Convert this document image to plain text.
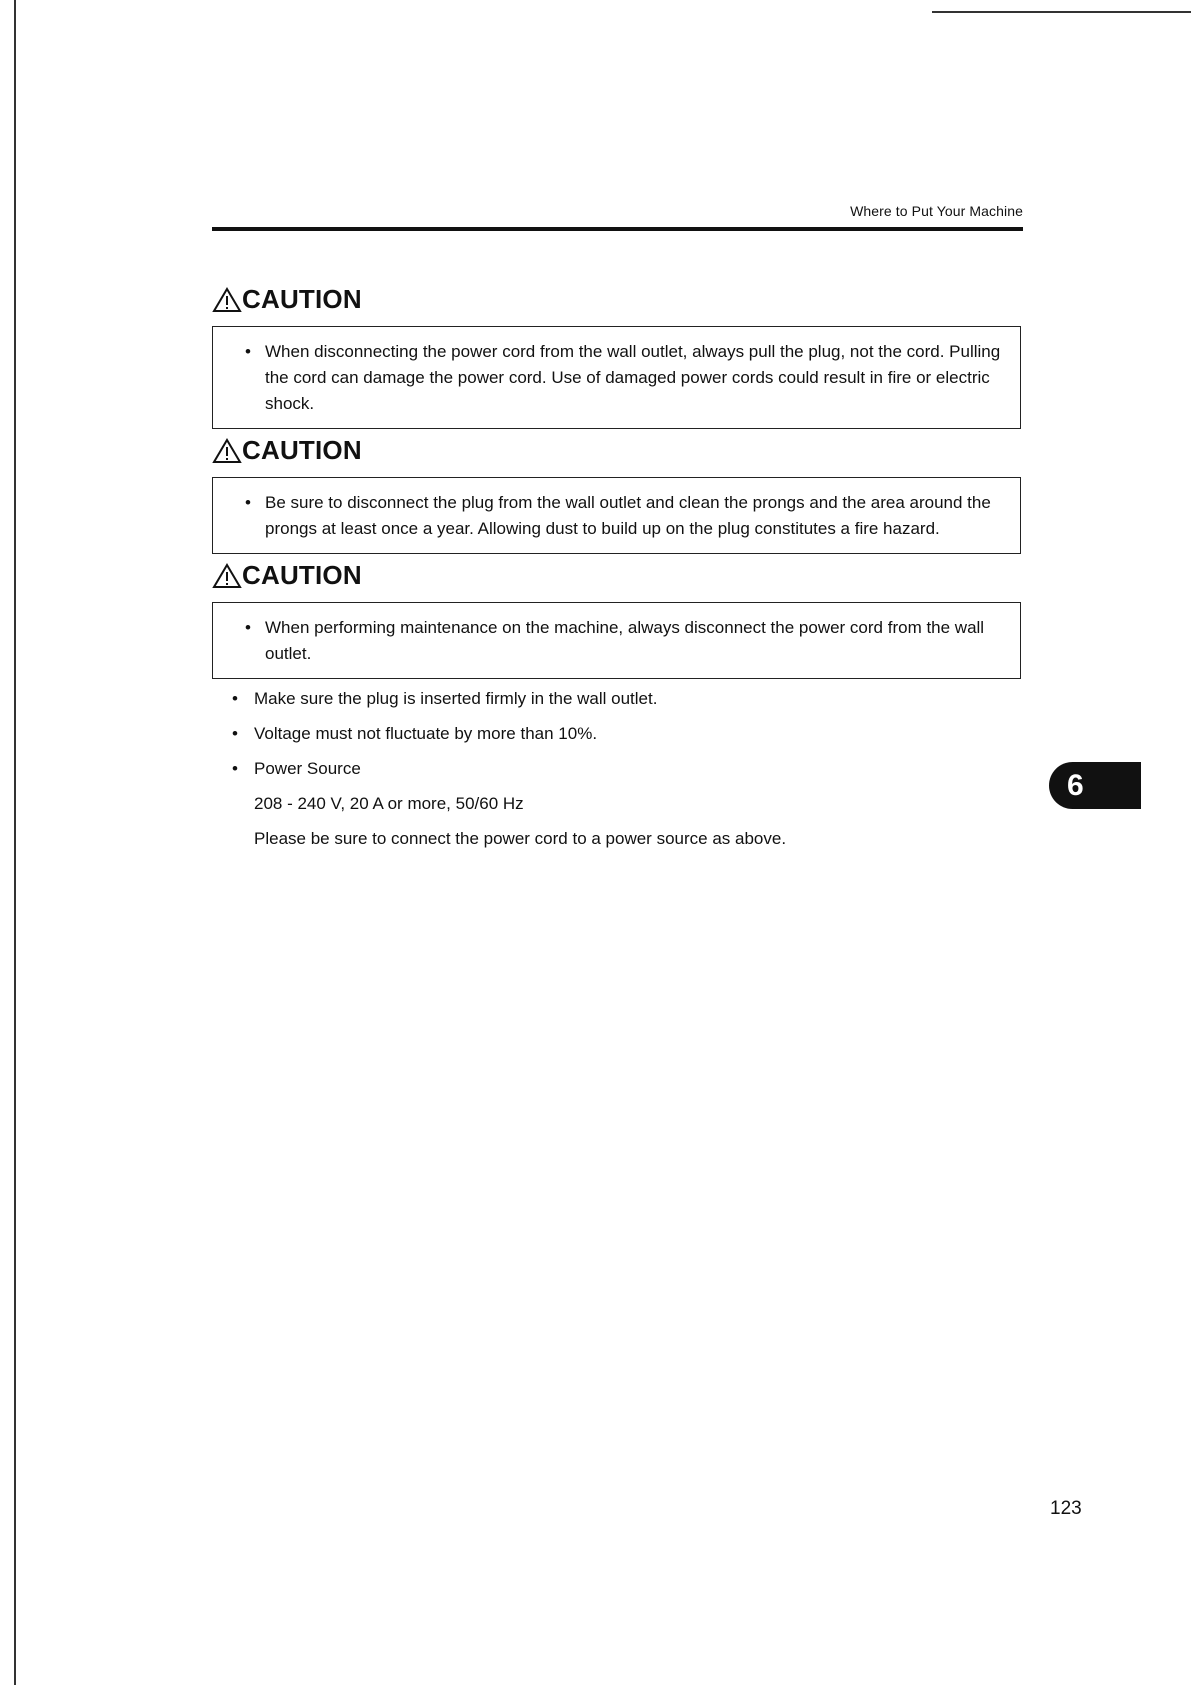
Where to Put Your Machine
CAUTION
• When disconnecting the power cord from the wall outlet, always pull the plug, not the cord. Pulling the cord can damage the power cord. Use of damaged power cords could result in fire or electric shock.
CAUTION
• Be sure to disconnect the plug from the wall outlet and clean the prongs and the area around the prongs at least once a year. Allowing dust to build up on the plug constitutes a fire hazard.
CAUTION
• When performing maintenance on the machine, always disconnect the power cord from the wall outlet.
• Make sure the plug is inserted firmly in the wall outlet.
• Voltage must not fluctuate by more than 10%.
• Power Source
208 - 240 V, 20 A or more, 50/60 Hz
Please be sure to connect the power cord to a power source as above.
6
123
